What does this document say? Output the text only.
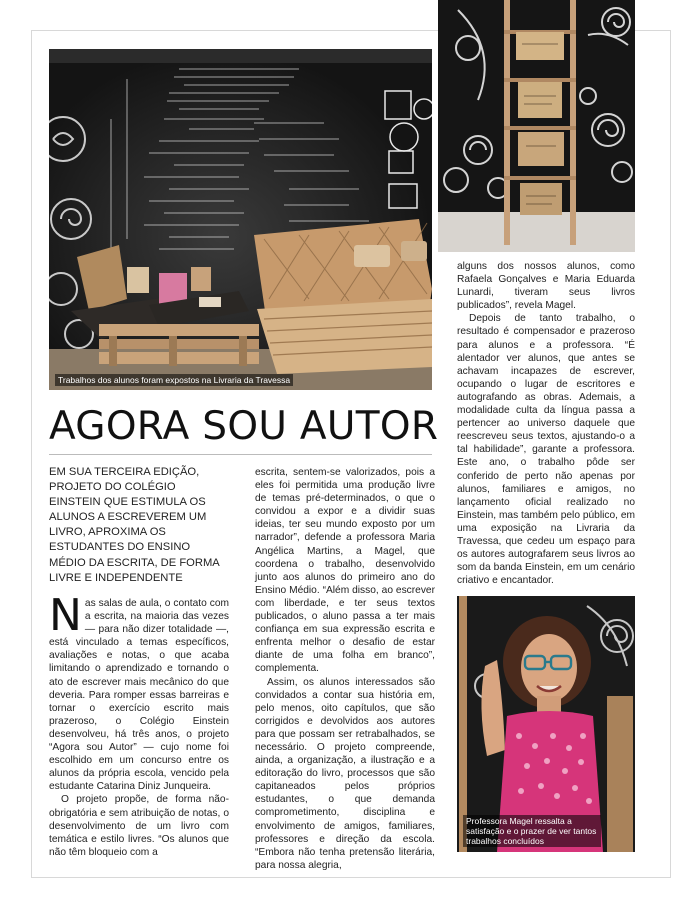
Trabalhos dos alunos foram expostos na Livraria da Travessa
AGORA SOU AUTOR
EM SUA TERCEIRA EDIÇÃO, PROJETO DO COLÉGIO EINSTEIN QUE ESTIMULA OS ALUNOS A ESCREVEREM UM LIVRO, APROXIMA OS ESTUDANTES DO ENSINO MÉDIO DA ESCRITA, DE FORMA LIVRE E INDEPENDENTE

Nas salas de aula, o contato com a escrita, na maioria das vezes — para não dizer totalidade —, está vinculado a temas específicos, avaliações e notas, o que acaba limitando o aprendizado e tornando o ato de escrever mais mecânico do que deveria. Para romper essas barreiras e tornar o exercício escrito mais prazeroso, o Colégio Einstein desenvolveu, há três anos, o projeto “Agora sou Autor” — cujo nome foi escolhido em um concurso entre os alunos da própria escola, vencido pela estudante Catarina Diniz Junqueira.

O projeto propõe, de forma não-obrigatória e sem atribuição de notas, o desenvolvimento de um livro com temática e estilo livres. “Os alunos que não têm bloqueio com a

escrita, sentem-se valorizados, pois a eles foi permitida uma produção livre de temas pré-determinados, o que o convidou a expor e a dividir suas ideias, ter seu mundo exposto por um narrador”, defende a professora Maria Angélica Martins, a Magel, que coordena o trabalho, desenvolvido junto aos alunos do primeiro ano do Ensino Médio. “Além disso, ao escrever com liberdade, e ter seus textos publicados, o aluno passa a ter mais confiança em sua expressão escrita e enfrenta melhor o desafio de estar diante de uma folha em branco”, complementa.

Assim, os alunos interessados são convidados a contar sua história em, pelo menos, oito capítulos, que são corrigidos e devolvidos aos autores para que possam ser retrabalhados, se necessário. O projeto compreende, ainda, a organização, a ilustração e a editoração do livro, processos que são capitaneados pelos próprios estudantes, o que demanda comprometimento, disciplina e envolvimento de amigos, familiares, professores e direção da escola. “Embora não tenha pretensão literária, para nossa alegria,

alguns dos nossos alunos, como Rafaela Gonçalves e Maria Eduarda Lunardi, tiveram seus livros publicados”, revela Magel.

Depois de tanto trabalho, o resultado é compensador e prazeroso para alunos e a professora. “É alentador ver alunos, que antes se achavam incapazes de escrever, ocupando o lugar de escritores e autografando as obras. Ademais, a modalidade culta da língua passa a pertencer ao universo daquele que reescreveu seus textos, ajustando-o a tal habilidade”, garante a professora. Este ano, o trabalho pôde ser conferido de perto não apenas por alunos, familiares e amigos, no lançamento oficial realizado no Einstein, mas também pelo público, em uma exposição na Livraria da Travessa, que cedeu um espaço para os autores autografarem seus livros ao som da banda Einstein, em um cenário criativo e encantador.

Professora Magel ressalta a satisfação e o prazer de ver tantos trabalhos concluídos
